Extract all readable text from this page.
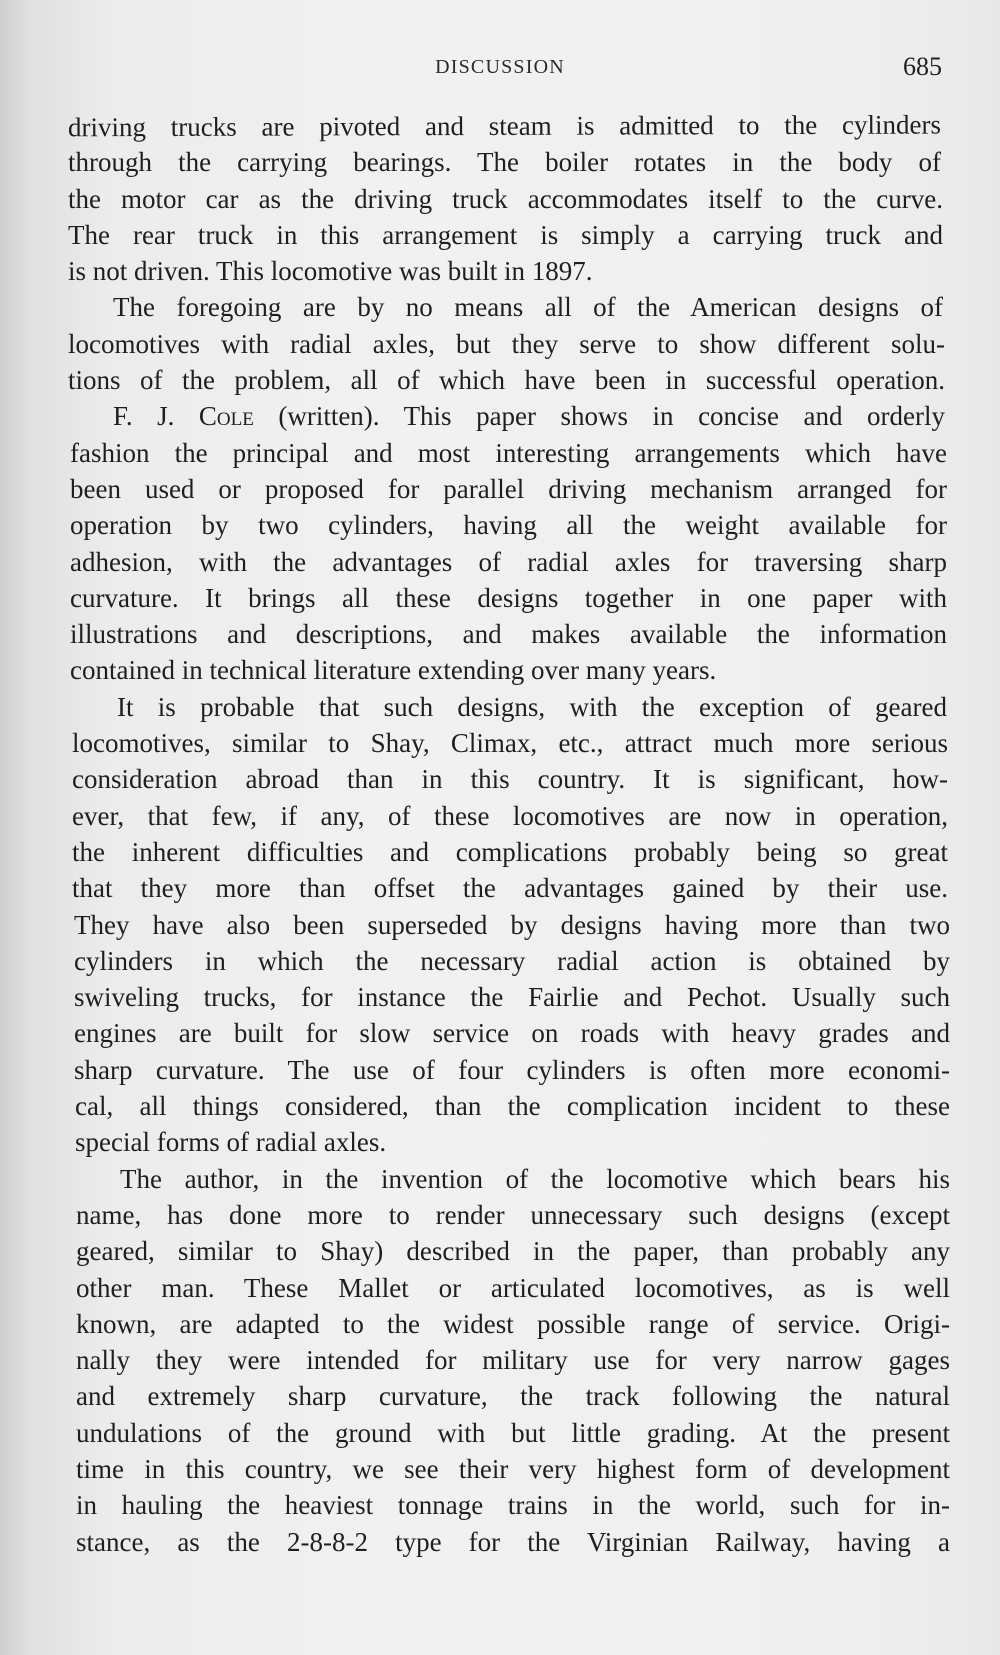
DISCUSSION	685
driving trucks are pivoted and steam is admitted to the cylinders
through the carrying bearings. The boiler rotates in the body of
the motor car as the driving truck accommodates itself to the curve.
The rear truck in this arrangement is simply a carrying truck and
is not driven. This locomotive was built in 1897.
The foregoing are by no means all of the American designs of
locomotives with radial axles, but they serve to show different solu-
tions of the problem, all of which have been in successful operation.
F. J. Cole (written). This paper shows in concise and orderly
fashion the principal and most interesting arrangements which have
been used or proposed for parallel driving mechanism arranged for
operation by two cylinders, having all the weight available for
adhesion, with the advantages of radial axles for traversing sharp
curvature. It brings all these designs together in one paper with
illustrations and descriptions, and makes available the information
contained in technical literature extending over many years.
It is probable that such designs, with the exception of geared
locomotives, similar to Shay, Climax, etc., attract much more serious
consideration abroad than in this country. It is significant, how-
ever, that few, if any, of these locomotives are now in operation,
the inherent difficulties and complications probably being so great
that they more than offset the advantages gained by their use.
They have also been superseded by designs having more than two
cylinders in which the necessary radial action is obtained by
swiveling trucks, for instance the Fairlie and Pechot. Usually such
engines are built for slow service on roads with heavy grades and
sharp curvature. The use of four cylinders is often more economi-
cal, all things considered, than the complication incident to these
special forms of radial axles.
The author, in the invention of the locomotive which bears his
name, has done more to render unnecessary such designs (except
geared, similar to Shay) described in the paper, than probably any
other man. These Mallet or articulated locomotives, as is well
known, are adapted to the widest possible range of service. Origi-
nally they were intended for military use for very narrow gages
and extremely sharp curvature, the track following the natural
undulations of the ground with but little grading. At the present
time in this country, we see their very highest form of development
in hauling the heaviest tonnage trains in the world, such for in-
stance, as the 2-8-8-2 type for the Virginian Railway, having a
